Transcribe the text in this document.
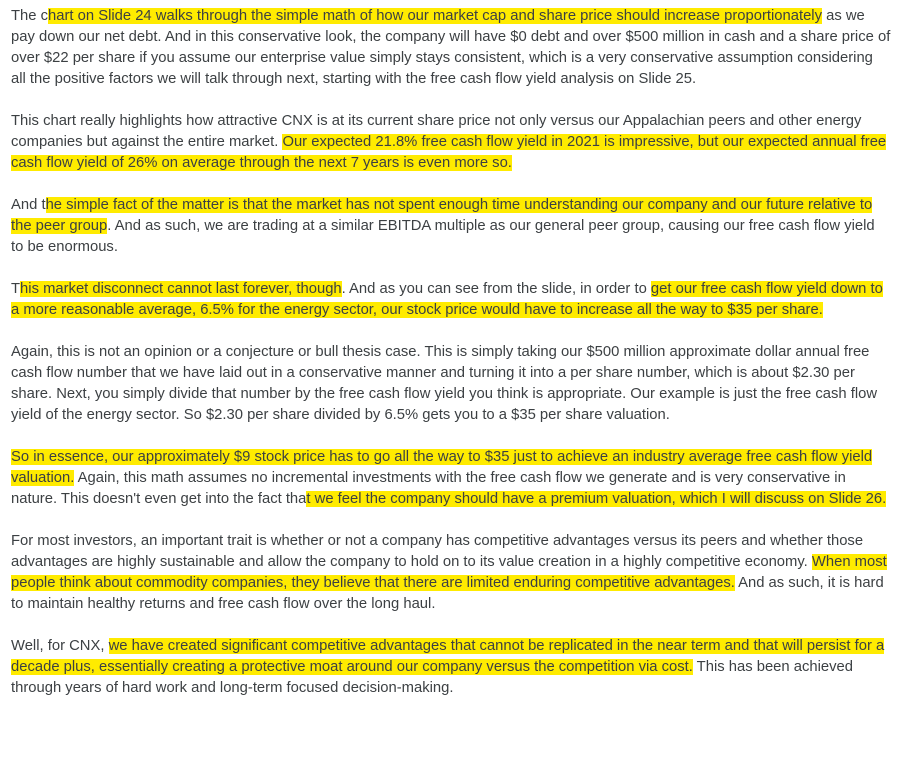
The chart on Slide 24 walks through the simple math of how our market cap and share price should increase proportionately as we pay down our net debt. And in this conservative look, the company will have $0 debt and over $500 million in cash and a share price of over $22 per share if you assume our enterprise value simply stays consistent, which is a very conservative assumption considering all the positive factors we will talk through next, starting with the free cash flow yield analysis on Slide 25.

This chart really highlights how attractive CNX is at its current share price not only versus our Appalachian peers and other energy companies but against the entire market. Our expected 21.8% free cash flow yield in 2021 is impressive, but our expected annual free cash flow yield of 26% on average through the next 7 years is even more so.

And the simple fact of the matter is that the market has not spent enough time understanding our company and our future relative to the peer group. And as such, we are trading at a similar EBITDA multiple as our general peer group, causing our free cash flow yield to be enormous.

This market disconnect cannot last forever, though. And as you can see from the slide, in order to get our free cash flow yield down to a more reasonable average, 6.5% for the energy sector, our stock price would have to increase all the way to $35 per share.

Again, this is not an opinion or a conjecture or bull thesis case. This is simply taking our $500 million approximate dollar annual free cash flow number that we have laid out in a conservative manner and turning it into a per share number, which is about $2.30 per share. Next, you simply divide that number by the free cash flow yield you think is appropriate. Our example is just the free cash flow yield of the energy sector. So $2.30 per share divided by 6.5% gets you to a $35 per share valuation.

So in essence, our approximately $9 stock price has to go all the way to $35 just to achieve an industry average free cash flow yield valuation. Again, this math assumes no incremental investments with the free cash flow we generate and is very conservative in nature. This doesn't even get into the fact that we feel the company should have a premium valuation, which I will discuss on Slide 26.

For most investors, an important trait is whether or not a company has competitive advantages versus its peers and whether those advantages are highly sustainable and allow the company to hold on to its value creation in a highly competitive economy. When most people think about commodity companies, they believe that there are limited enduring competitive advantages. And as such, it is hard to maintain healthy returns and free cash flow over the long haul.

Well, for CNX, we have created significant competitive advantages that cannot be replicated in the near term and that will persist for a decade plus, essentially creating a protective moat around our company versus the competition via cost. This has been achieved through years of hard work and long-term focused decision-making.
